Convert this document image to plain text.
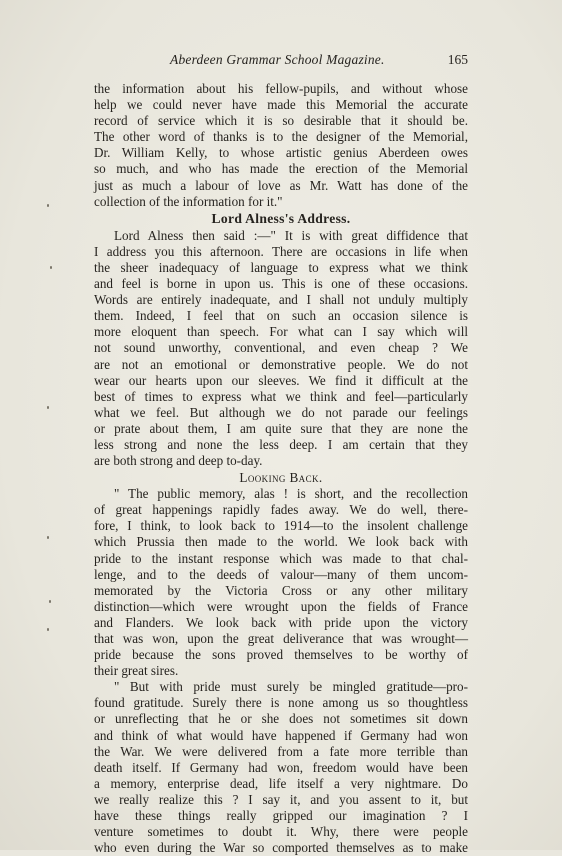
Aberdeen Grammar School Magazine.	165
the information about his fellow-pupils, and without whose
help we could never have made this Memorial the accurate
record of service which it is so desirable that it should be.
The other word of thanks is to the designer of the Memorial,
Dr. William Kelly, to whose artistic genius Aberdeen owes
so much, and who has made the erection of the Memorial
just as much a labour of love as Mr. Watt has done of the
collection of the information for it."
Lord Alness's Address.
Lord Alness then said :—" It is with great diffidence that
I address you this afternoon. There are occasions in life when
the sheer inadequacy of language to express what we think
and feel is borne in upon us. This is one of these occasions.
Words are entirely inadequate, and I shall not unduly multiply
them. Indeed, I feel that on such an occasion silence is
more eloquent than speech. For what can I say which will
not sound unworthy, conventional, and even cheap ? We
are not an emotional or demonstrative people. We do not
wear our hearts upon our sleeves. We find it difficult at the
best of times to express what we think and feel—particularly
what we feel. But although we do not parade our feelings
or prate about them, I am quite sure that they are none the
less strong and none the less deep. I am certain that they
are both strong and deep to-day.
Looking Back.
" The public memory, alas ! is short, and the recollection
of great happenings rapidly fades away. We do well, there-
fore, I think, to look back to 1914—to the insolent challenge
which Prussia then made to the world. We look back with
pride to the instant response which was made to that chal-
lenge, and to the deeds of valour—many of them uncom-
memorated by the Victoria Cross or any other military
distinction—which were wrought upon the fields of France
and Flanders. We look back with pride upon the victory
that was won, upon the great deliverance that was wrought—
pride because the sons proved themselves to be worthy of
their great sires.
" But with pride must surely be mingled gratitude—pro-
found gratitude. Surely there is none among us so thoughtless
or unreflecting that he or she does not sometimes sit down
and think of what would have happened if Germany had won
the War. We were delivered from a fate more terrible than
death itself. If Germany had won, freedom would have been
a memory, enterprise dead, life itself a very nightmare. Do
we really realize this ? I say it, and you assent to it, but
have these things really gripped our imagination ? I
venture sometimes to doubt it. Why, there were people
who even during the War so comported themselves as to make
